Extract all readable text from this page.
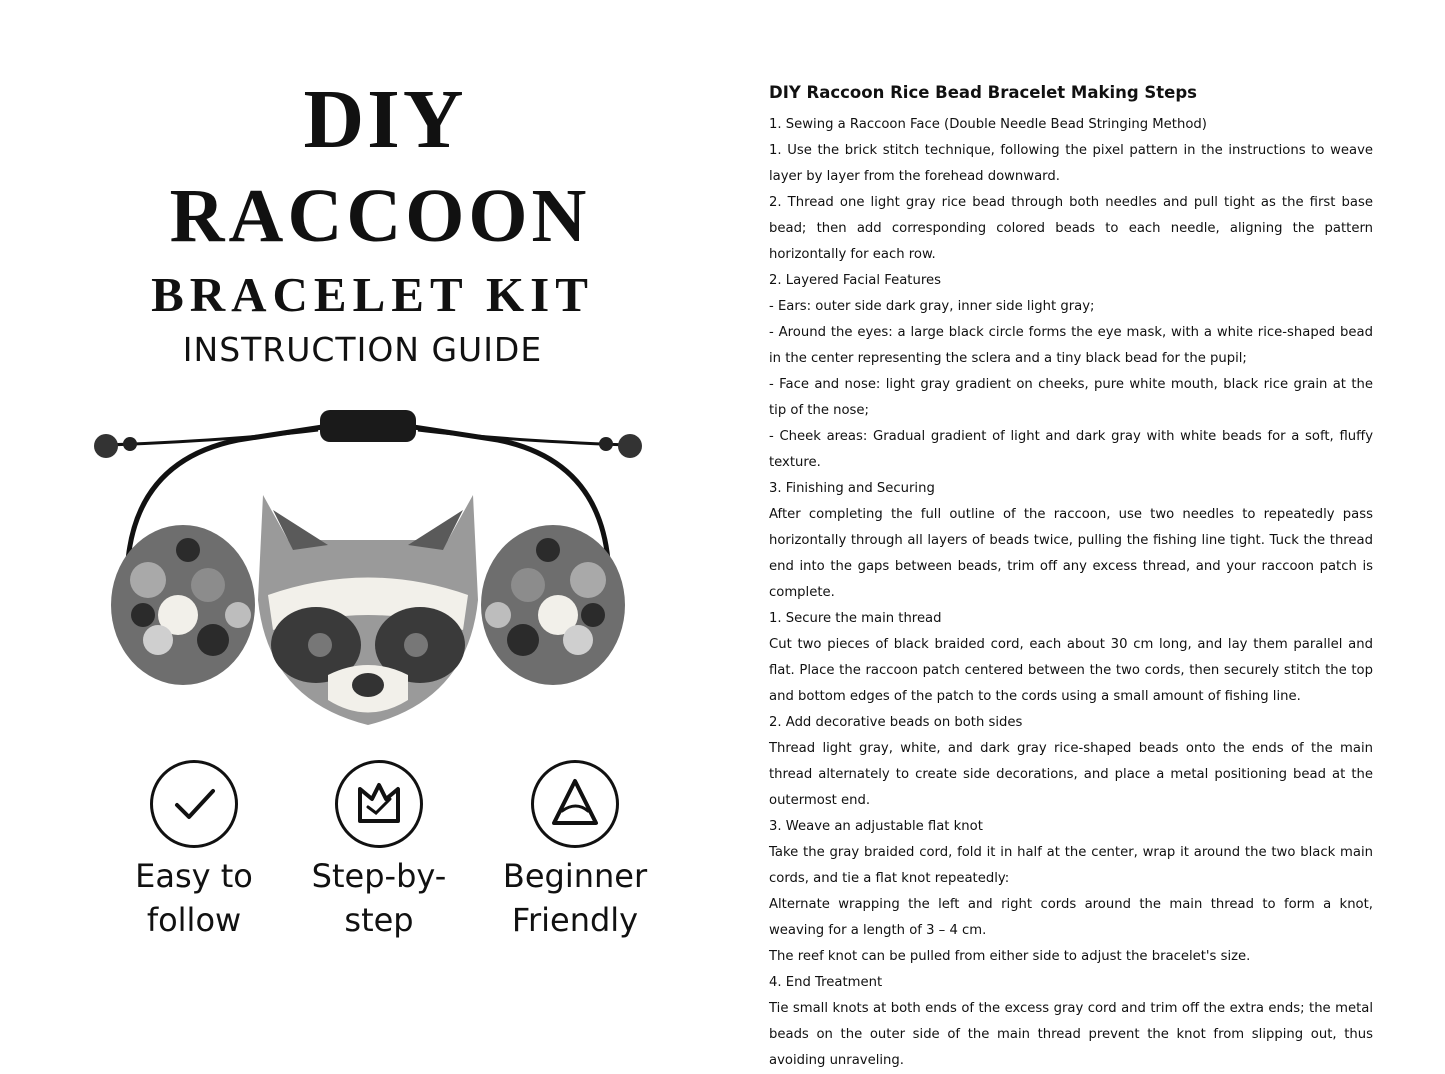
DIY
RACCOON
BRACELET KIT
INSTRUCTION GUIDE
Easy to
follow
Step-by-
step
Beginner
Friendly
DIY Raccoon Rice Bead Bracelet Making Steps
1. Sewing a Raccoon Face (Double Needle Bead Stringing Method)
1. Use the brick stitch technique, following the pixel pattern in the instructions to weave layer by layer from the forehead downward.
2. Thread one light gray rice bead through both needles and pull tight as the first base bead; then add corresponding colored beads to each needle, aligning the pattern horizontally for each row.
2. Layered Facial Features
- Ears: outer side dark gray, inner side light gray;
- Around the eyes: a large black circle forms the eye mask, with a white rice-shaped bead in the center representing the sclera and a tiny black bead for the pupil;
- Face and nose: light gray gradient on cheeks, pure white mouth, black rice grain at the tip of the nose;
- Cheek areas: Gradual gradient of light and dark gray with white beads for a soft, fluffy texture.
3. Finishing and Securing
After completing the full outline of the raccoon, use two needles to repeatedly pass horizontally through all layers of beads twice, pulling the fishing line tight. Tuck the thread end into the gaps between beads, trim off any excess thread, and your raccoon patch is complete.
1. Secure the main thread
Cut two pieces of black braided cord, each about 30 cm long, and lay them parallel and flat. Place the raccoon patch centered between the two cords, then securely stitch the top and bottom edges of the patch to the cords using a small amount of fishing line.
2. Add decorative beads on both sides
Thread light gray, white, and dark gray rice-shaped beads onto the ends of the main thread alternately to create side decorations, and place a metal positioning bead at the outermost end.
3. Weave an adjustable flat knot
Take the gray braided cord, fold it in half at the center, wrap it around the two black main cords, and tie a flat knot repeatedly:
Alternate wrapping the left and right cords around the main thread to form a knot, weaving for a length of 3 – 4 cm.
The reef knot can be pulled from either side to adjust the bracelet's size.
4. End Treatment
Tie small knots at both ends of the excess gray cord and trim off the extra ends; the metal beads on the outer side of the main thread prevent the knot from slipping out, thus avoiding unraveling.
